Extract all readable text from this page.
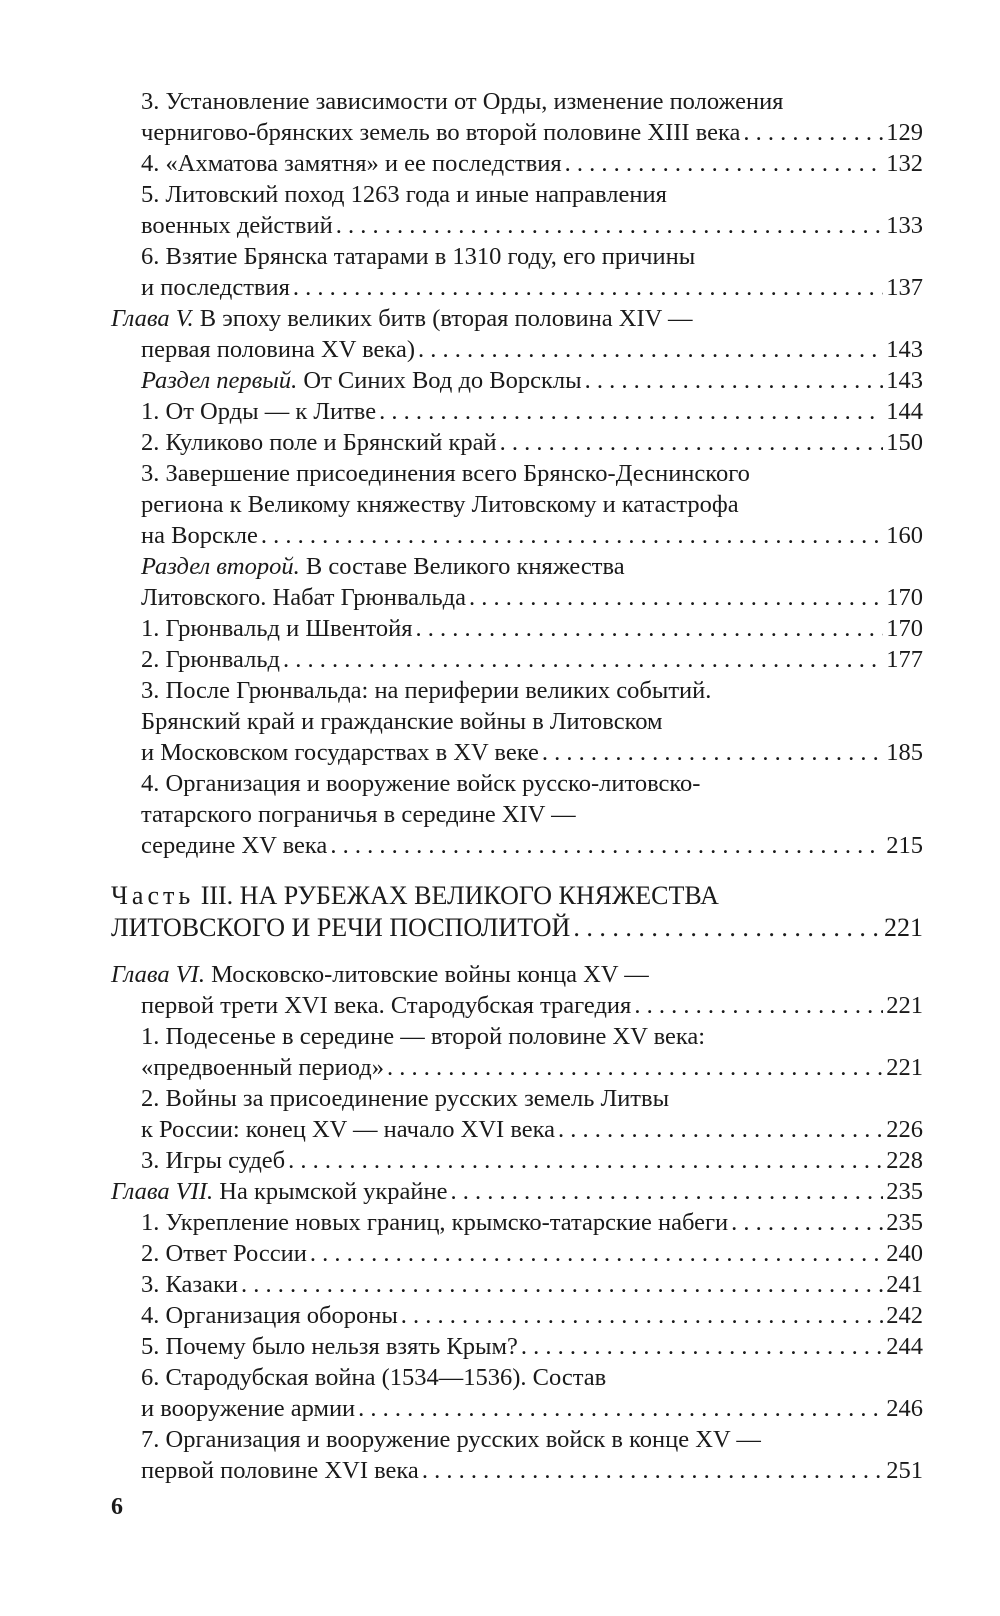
3. Установление зависимости от Орды, изменение положения
чернигово-брянских земель во второй половине XIII века . . .	129
4. «Ахматова замятня» и ее последствия . . .	132
5. Литовский поход 1263 года и иные направления
военных действий . . .	133
6. Взятие Брянска татарами в 1310 году, его причины
и последствия . . .	137
Глава V. В эпоху великих битв (вторая половина XIV —
первая половина XV века) . . .	143
Раздел первый. От Синих Вод до Ворсклы . . .	143
1. От Орды — к Литве . . .	144
2. Куликово поле и Брянский край . . .	150
3. Завершение присоединения всего Брянско-Деснинского
региона к Великому княжеству Литовскому и катастрофа
на Ворскле . . .	160
Раздел второй. В составе Великого княжества
Литовского. Набат Грюнвальда . . .	170
1. Грюнвальд и Швентойя . . .	170
2. Грюнвальд . . .	177
3. После Грюнвальда: на периферии великих событий.
Брянский край и гражданские войны в Литовском
и Московском государствах в XV веке . . .	185
4. Организация и вооружение войск русско-литовско-
татарского пограничья в середине XIV —
середине XV века . . .	215
Часть III. НА РУБЕЖАХ ВЕЛИКОГО КНЯЖЕСТВА
ЛИТОВСКОГО И РЕЧИ ПОСПОЛИТОЙ . . .	221
Глава VI. Московско-литовские войны конца XV —
первой трети XVI века. Стародубская трагедия . . .	221
1. Подесенье в середине — второй половине XV века:
«предвоенный период» . . .	221
2. Войны за присоединение русских земель Литвы
к России: конец XV — начало XVI века . . .	226
3. Игры судеб . . .	228
Глава VII. На крымской украйне . . .	235
1. Укрепление новых границ, крымско-татарские набеги . . .	235
2. Ответ России . . .	240
3. Казаки . . .	241
4. Организация обороны . . .	242
5. Почему было нельзя взять Крым? . . .	244
6. Стародубская война (1534—1536). Состав
и вооружение армии . . .	246
7. Организация и вооружение русских войск в конце XV —
первой половине XVI века . . .	251
6
